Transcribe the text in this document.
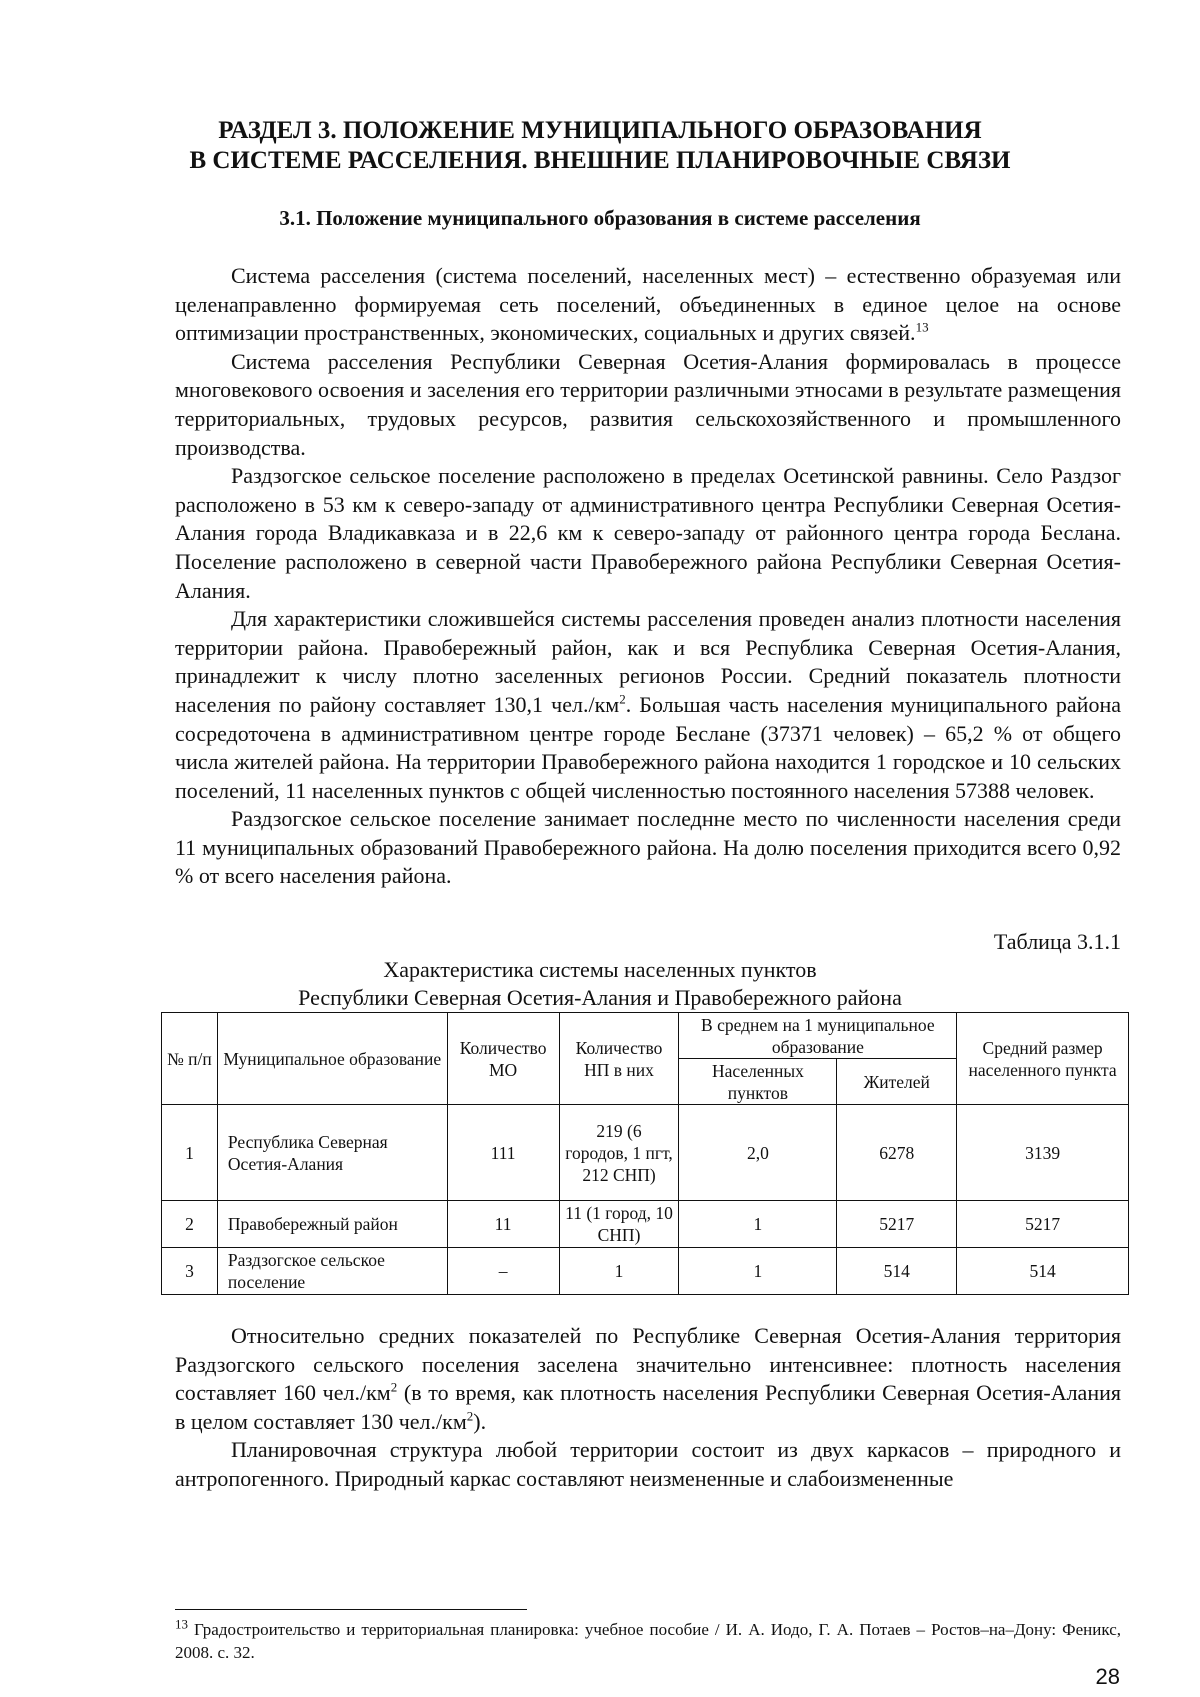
РАЗДЕЛ 3. ПОЛОЖЕНИЕ МУНИЦИПАЛЬНОГО ОБРАЗОВАНИЯ
В СИСТЕМЕ РАССЕЛЕНИЯ. ВНЕШНИЕ ПЛАНИРОВОЧНЫЕ СВЯЗИ
3.1. Положение муниципального образования в системе расселения

Система расселения (система поселений, населенных мест) – естественно образуемая или целенаправленно формируемая сеть поселений, объединенных в единое целое на основе оптимизации пространственных, экономических, социальных и других связей.$^{13}$

Система расселения Республики Северная Осетия-Алания формировалась в процессе многовекового освоения и заселения его территории различными этносами в результате размещения территориальных, трудовых ресурсов, развития сельскохозяйственного и промышленного производства.

Раздзогское сельское поселение расположено в пределах Осетинской равнины. Село Раздзог расположено в 53 км к северо-западу от административного центра Республики Северная Осетия-Алания города Владикавказа и в 22,6 км к северо-западу от районного центра города Беслана. Поселение расположено в северной части Правобережного района Республики Северная Осетия-Алания.

Для характеристики сложившейся системы расселения проведен анализ плотности населения территории района. Правобережный район, как и вся Республика Северная Осетия-Алания, принадлежит к числу плотно заселенных регионов России. Средний показатель плотности населения по району составляет 130,1 $чел./км^2$. Большая часть населения муниципального района сосредоточена в административном центре городе Беслане (37371 человек) – 65,2 % от общего числа жителей района. На территории Правобережного района находится 1 городское и 10 сельских поселений, 11 населенных пунктов с общей численностью постоянного населения 57388 человек.

Раздзогское сельское поселение занимает последнне место по численности населения среди 11 муниципальных образований Правобережного района. На долю поселения приходится всего 0,92 % от всего населения района.

Таблица 3.1.1
Характеристика системы населенных пунктов
Республики Северная Осетия-Алания и Правобережного района
№ п/п	Муниципальное образование	Количество МО	Количество НП в них	В среднем на 1 муниципальное образование		Средний размер населенного пункта
				Населенных пунктов	Жителей	
1	Республика Северная Осетия-Алания	111	219 (6 городов, 1 пгт, 212 СНП)	2,0	6278	3139
2	Правобережный район	11	11 (1 город, 10 СНП)	1	5217	5217
3	Раздзогское сельское поселение	–	1	1	514	514

Относительно средних показателей по Республике Северная Осетия-Алания территория Раздзогского сельского поселения заселена значительно интенсивнее: плотность населения составляет 160 $чел./км^2$ (в то время, как плотность населения Республики Северная Осетия-Алания в целом составляет 130 $чел./км^2$).

Планировочная структура любой территории состоит из двух каркасов – природного и антропогенного. Природный каркас составляют неизмененные и слабоизмененные

$^{13}$ Градостроительство и территориальная планировка: учебное пособие / И. А. Иодо, Г. А. Потаев – Ростов–на–Дону: Феникс, 2008. с. 32.
28
